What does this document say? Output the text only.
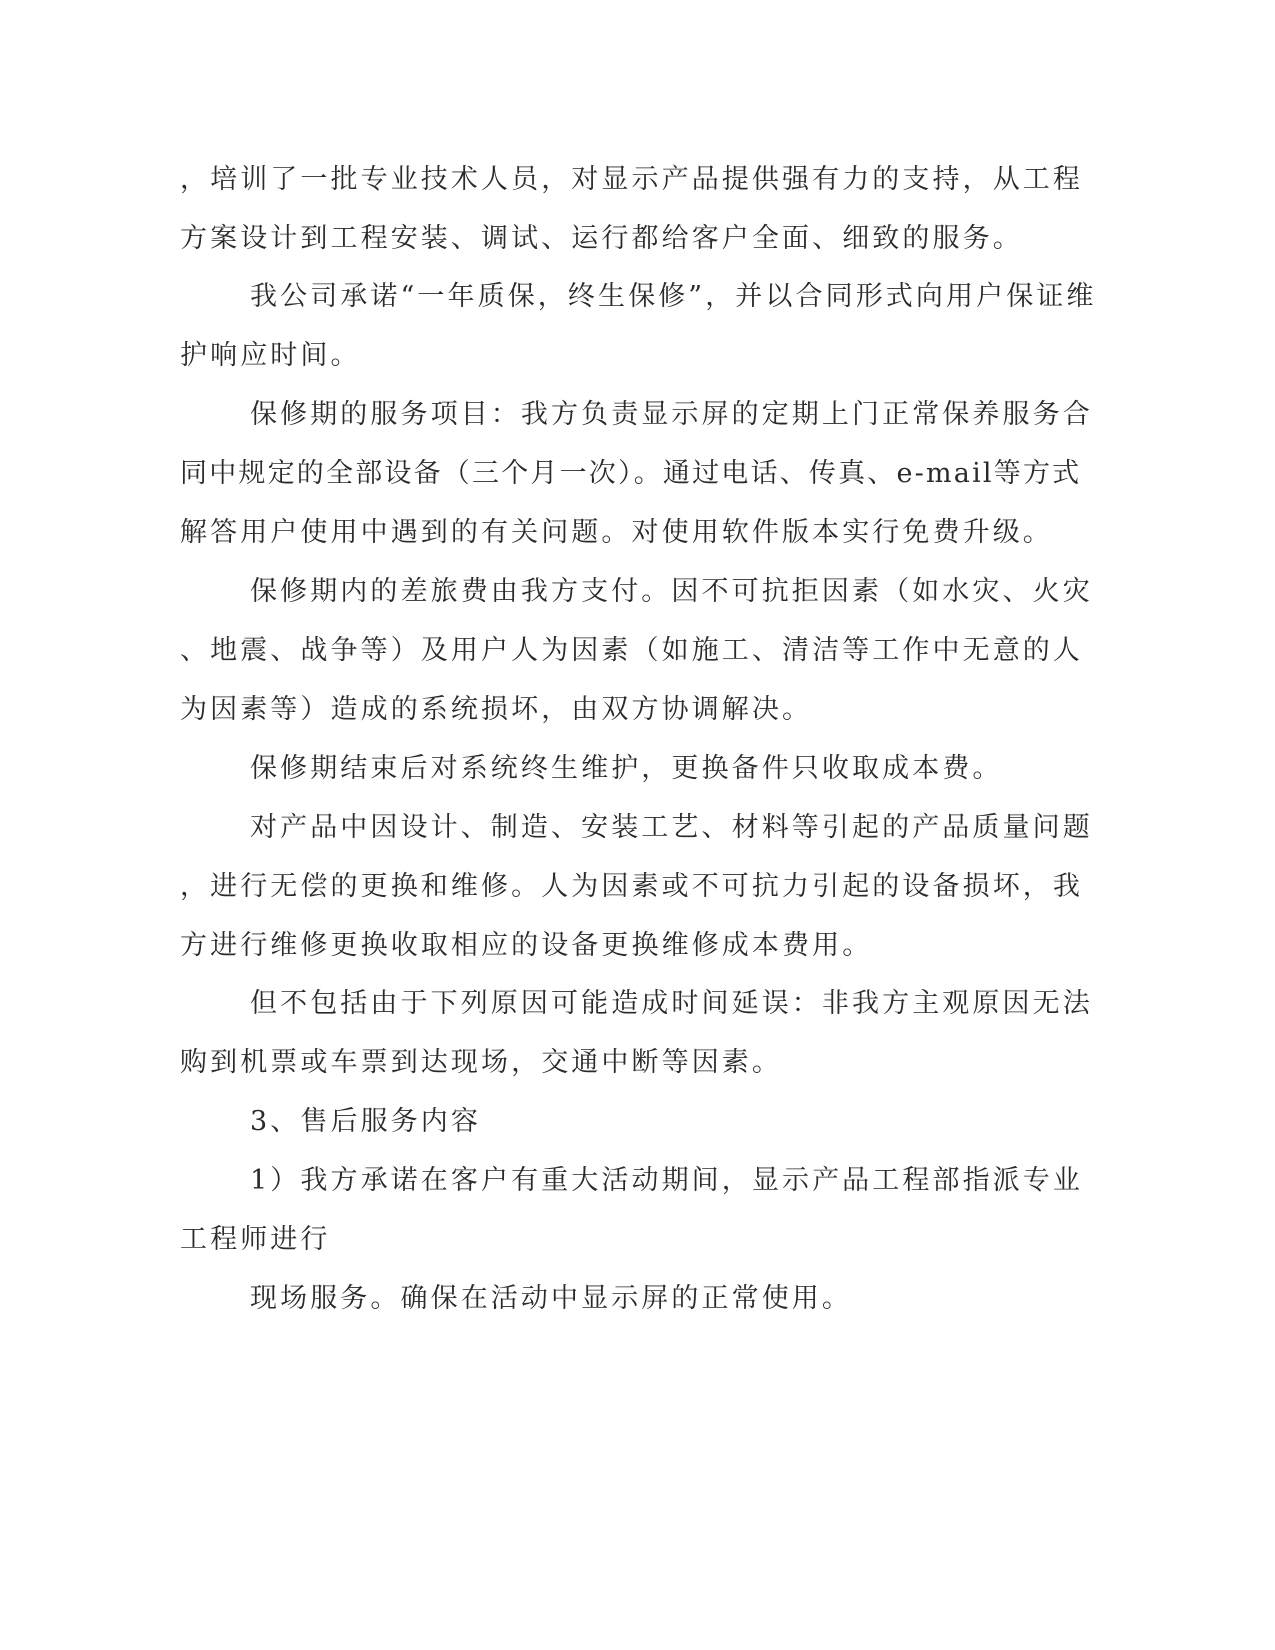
，培训了一批专业技术人员，对显示产品提供强有力的支持，从工程
方案设计到工程安装、调试、运行都给客户全面、细致的服务。
我公司承诺“一年质保，终生保修”，并以合同形式向用户保证维
护响应时间。
保修期的服务项目：我方负责显示屏的定期上门正常保养服务合
同中规定的全部设备（三个月一次）。通过电话、传真、e-mail等方式
解答用户使用中遇到的有关问题。对使用软件版本实行免费升级。
保修期内的差旅费由我方支付。因不可抗拒因素（如水灾、火灾
、地震、战争等）及用户人为因素（如施工、清洁等工作中无意的人
为因素等）造成的系统损坏，由双方协调解决。
保修期结束后对系统终生维护，更换备件只收取成本费。
对产品中因设计、制造、安装工艺、材料等引起的产品质量问题
，进行无偿的更换和维修。人为因素或不可抗力引起的设备损坏，我
方进行维修更换收取相应的设备更换维修成本费用。
但不包括由于下列原因可能造成时间延误：非我方主观原因无法
购到机票或车票到达现场，交通中断等因素。
3、售后服务内容
1）我方承诺在客户有重大活动期间，显示产品工程部指派专业
工程师进行
现场服务。确保在活动中显示屏的正常使用。
